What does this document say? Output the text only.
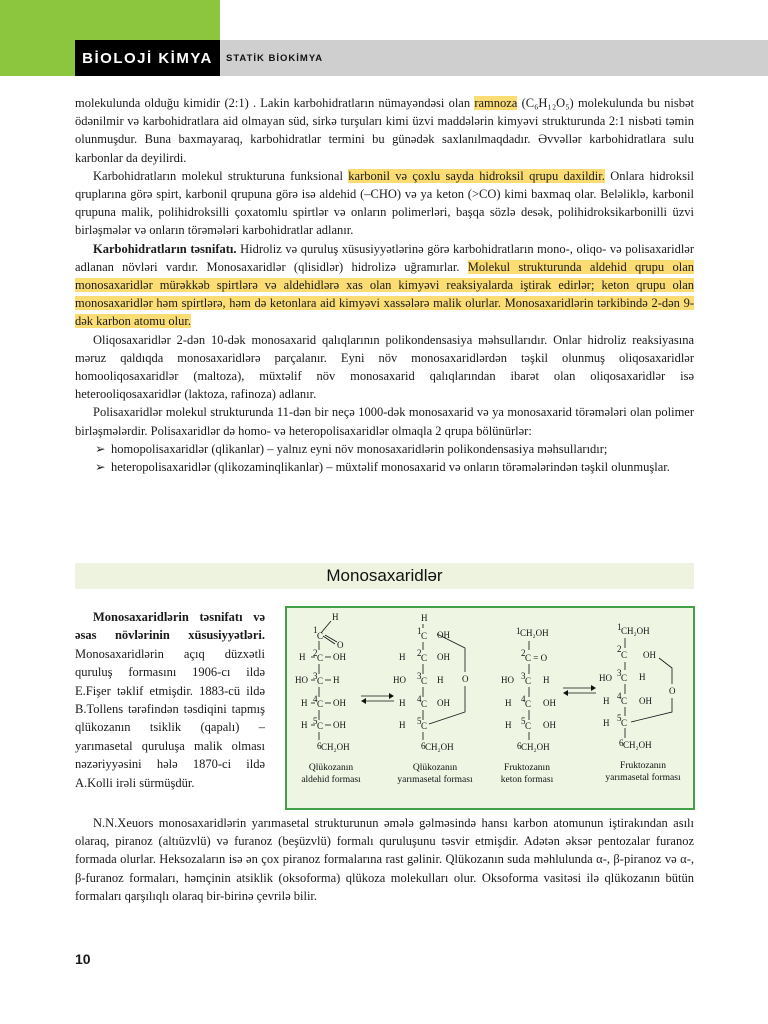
BİOLOJİ KİMYA	STATİK BİOKİMYA

molekulunda olduğu kimidir (2:1) . Lakin karbohidratların nümayəndəsi olan ramnoza (C₆H₁₂O₅) molekulunda bu nisbət ödənilmir və karbohidratlara aid olmayan süd, sirkə turşuları kimi üzvi maddələrin kimyəvi strukturunda 2:1 nisbəti təmin olunmuşdur. Buna baxmayaraq, karbohidratlar termini bu günədək saxlanılmaqdadır. Əvvəllər karbohidratlara sulu karbonlar da deyilirdi.

Karbohidratların molekul strukturuna funksional karbonil və çoxlu sayda hidroksil qrupu daxildir. Onlara hidroksil qruplarına görə spirt, karbonil qrupuna görə isə aldehid (–CHO) və ya keton (>CO) kimi baxmaq olar. Beləliklə, karbonil qrupuna malik, polihidroksilli çoxatomlu spirtlər və onların polimerləri, başqa sözlə desək, polihidroksikarbonilli üzvi birləşmələr və onların törəmələri karbohidratlar adlanır.

Karbohidratların təsnifatı. Hidroliz və quruluş xüsusiyyətlərinə görə karbohidratların mono-, oliqo- və polisaxaridlər adlanan növləri vardır. Monosaxaridlər (qlisidlər) hidrolizə uğramırlar. Molekul strukturunda aldehid qrupu olan monosaxaridlər mürəkkəb spirtlərə və aldehidlərə xas olan kimyəvi reaksiyalarda iştirak edirlər; keton qrupu olan monosaxaridlər həm spirtlərə, həm də ketonlara aid kimyəvi xassələrə malik olurlar. Monosaxaridlərin tərkibində 2-dən 9-dək karbon atomu olur.

Oliqosaxaridlər 2-dən 10-dək monosaxarid qalıqlarının polikondensasiya məhsullarıdır. Onlar hidroliz reaksiyasına məruz qaldıqda monosaxaridlərə parçalanır. Eyni növ monosaxaridlərdən təşkil olunmuş oliqosaxaridlər homooliqosaxaridlər (maltoza), müxtəlif növ monosaxarid qalıqlarından ibarət olan oliqosaxaridlər isə heterooliqosaxaridlər (laktoza, rafinoza) adlanır.

Polisaxaridlər molekul strukturunda 11-dən bir neçə 1000-dək monosaxarid və ya monosaxarid törəmələri olan polimer birləşmələrdir. Polisaxaridlər də homo- və heteropolisaxaridlər olmaqla 2 qrupa bölünürlər:

➢ homopolisaxaridlər (qlikanlar) – yalnız eyni növ monosaxaridlərin polikondensasiya məhsullarıdır;
➢ heteropolisaxaridlər (qlikozaminqlikanlar) – müxtəlif monosaxarid və onların törəmələrindən təşkil olunmuşlar.
Monosaxaridlər

Monosaxaridlərin təsnifatı və əsas növlərinin xüsusiyyətləri. Monosaxaridlərin açıq düzxətli quruluş formasını 1906-cı ildə E.Fişer təklif etmişdir. 1883-cü ildə B.Tollens tərəfindən təsdiqini tapmış qlükozanın tsiklik (qapalı) – yarımasetal quruluşa malik olması nəzəriyyəsini hələ 1870-ci ildə A.Kolli irəli sürmüşdür.

1
C
H
O
H 2 C OH
HO 3 C H
H 4 C OH
H 5 C OH
6 CH₂OH
H
1 C OH
H 2 C OH
HO 3 C H O
H 4 C OH
H 5 C
6 CH₂OH
1 CH₂OH
2 C = O
HO 3 C H
H 4 C OH
H 5 C OH
6 CH₂OH
1 CH₂OH
2
C OH
HO 3 C H
O
H 4 C OH
H 5 C
6 CH₂OH
Qlükozanın
aldehid forması
Qlükozanın
yarımasetal forması
Fruktozanın
keton forması
Fruktozanın
yarımasetal forması

N.N.Xeuors monosaxaridlərin yarımasetal strukturunun əmələ gəlməsində hansı karbon atomunun iştirakından asılı olaraq, piranoz (altıüzvlü) və furanoz (beşüzvlü) formalı quruluşunu təsvir etmişdir. Adətən əksər pentozalar furanoz formada olurlar. Heksozaların isə ən çox piranoz formalarına rast gəlinir. Qlükozanın suda məhlulunda α-, β-piranoz və α-, β-furanoz formaları, həmçinin atsiklik (oksoforma) qlükoza molekulları olur. Oksoforma vasitəsi ilə qlükozanın bütün formaları qarşılıqlı olaraq bir-birinə çevrilə bilir.

10
